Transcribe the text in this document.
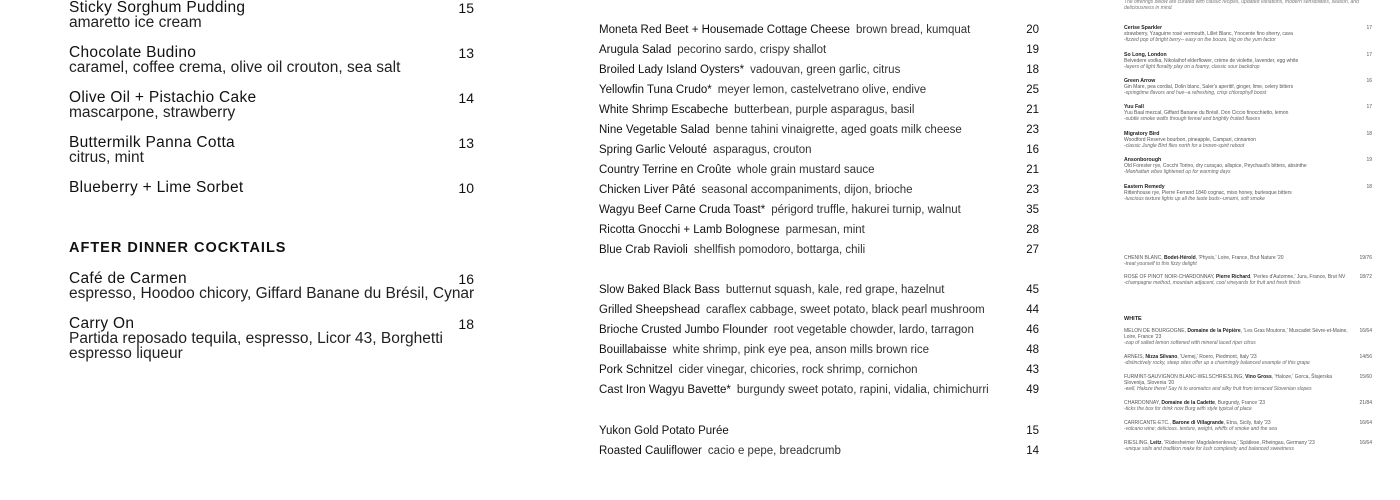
Sticky Sorghum Pudding
amaretto ice cream
15
Chocolate Budino
caramel, coffee crema, olive oil crouton, sea salt
13
Olive Oil + Pistachio Cake
mascarpone, strawberry
14
Buttermilk Panna Cotta
citrus, mint
13
Blueberry + Lime Sorbet	10
Café de Carmen
espresso, Hoodoo chicory, Giffard Banane du Brésil, Cynar
16
Carry On
Partida reposado tequila, espresso, Licor 43, Borghetti espresso liqueur
18
AFTER DINNER COCKTAILS
Moneta Red Beet + Housemade Cottage Cheese brown bread, kumquat	20
Arugula Salad pecorino sardo, crispy shallot	19
Broiled Lady Island Oysters* vadouvan, green garlic, citrus	18
Yellowfin Tuna Crudo* meyer lemon, castelvetrano olive, endive	25
White Shrimp Escabeche butterbean, purple asparagus, basil	21
Nine Vegetable Salad benne tahini vinaigrette, aged goats milk cheese	23
Spring Garlic Velouté asparagus, crouton	16
Country Terrine en Croûte whole grain mustard sauce	21
Chicken Liver Pâté seasonal accompaniments, dijon, brioche	23
Wagyu Beef Carne Cruda Toast* périgord truffle, hakurei turnip, walnut	35
Ricotta Gnocchi + Lamb Bolognese parmesan, mint	28
Blue Crab Ravioli shellfish pomodoro, bottarga, chili	27
Slow Baked Black Bass butternut squash, kale, red grape, hazelnut	45
Grilled Sheepshead caraflex cabbage, sweet potato, black pearl mushroom	44
Brioche Crusted Jumbo Flounder root vegetable chowder, lardo, tarragon	46
Bouillabaisse white shrimp, pink eye pea, anson mills brown rice	48
Pork Schnitzel cider vinegar, chicories, rock shrimp, cornichon	43
Cast Iron Wagyu Bavette* burgundy sweet potato, rapini, vidalia, chimichurri	49
Yukon Gold Potato Purée	15
Roasted Cauliflower cacio e pepe, breadcrumb	14
The offerings below are curated with classic recipes, updated variations, modern sensibilities, season, and deliciousness in mind.
Cerise Sparkler
strawberry, Yzaguirre rosé vermouth, Lillet Blanc, Ynocente fino sherry, cava
-fizzed pop of bright berry-- easy on the booze, big on the yum factor
17
So Long, London
Belvedere vodka, Nikolaihof elderflower, crème de violette, lavender, egg white
-layers of light florality play on a foamy, classic sour backdrop
17
Green Arrow
Gin Mare, pea cordial, Dolin blanc, Saler's aperitif, ginger, lime, celery bitters
-springtime flavors and hue--a refreshing, crisp chlorophyll boost
16
Yuu Fall
Yuu Baal mezcal, Giffard Banane du Brésil, Don Ciccio finocchietto, lemon
-subtle smoke wafts through fennel and brightly fruited flavors
17
Migratory Bird
Woodford Reserve bourbon, pineapple, Campari, cinnamon
-classic Jungle Bird flies north for a brown-spirit reboot
18
Ansonborough
Old Forester rye, Cocchi Torino, dry curaçao, allspice, Peychaud's bitters, absinthe
-Manhattan vibes lightened up for warming days
19
Eastern Remedy
Rittenhouse rye, Pierre Ferrand 1840 cognac, miso honey, burlesque bitters
-luscious texture lights up all the taste buds--umami, soft smoke
18
CHENIN BLANC, Bodet-Hérold, 'Physis,' Loire, France, Brut Nature '20
-treat yourself to this fizzy delight
19/76
ROSÉ OF PINOT NOIR-CHARDONNAY, Pierre Richard, 'Perles d'Automne,' Jura, France, Brut NV
-champagne method, mountain adjacent, cool vineyards for fruit and fresh finish
18/72
MELON DE BOURGOGNE, Domaine de la Pépière, 'Les Gras Moutons,' Muscadet Sèvre-et-Maine, Loire, France '23
-zap of salted lemon softened with mineral laced riper citrus
16/64
ARNEIS, Nizza Silvano, 'Uemej,' Roero, Piedmont, Italy '23
-distinctively rocky, steep sites offer up a charmingly balanced example of this grape
14/56
FURMINT-SAUVIGNON BLANC-WELSCHRIESLING, Vino Gross, 'Haloze,' Gorca, Štajerska Slovenija, Slovenia '20
-well, Haloze there! Say hi to aromatics and silky fruit from terraced Slovenian slopes
15/60
CHARDONNAY, Domaine de la Cadette, Burgundy, France '23
-ticks the box for drink now Burg with style typical of place
21/84
CARRICANTE-ETC., Barone di Villagrande, Etna, Sicily, Italy '23
-volcano wine; delicious. texture, weight, whiffs of smoke and the sea
16/64
RIESLING, Leitz, 'Rüdesheimer Magdalenenkreuz,' Spätlese, Rheingau, Germany '23
-unique soils and tradition make for lush complexity and balanced sweetness
16/64
WHITE
